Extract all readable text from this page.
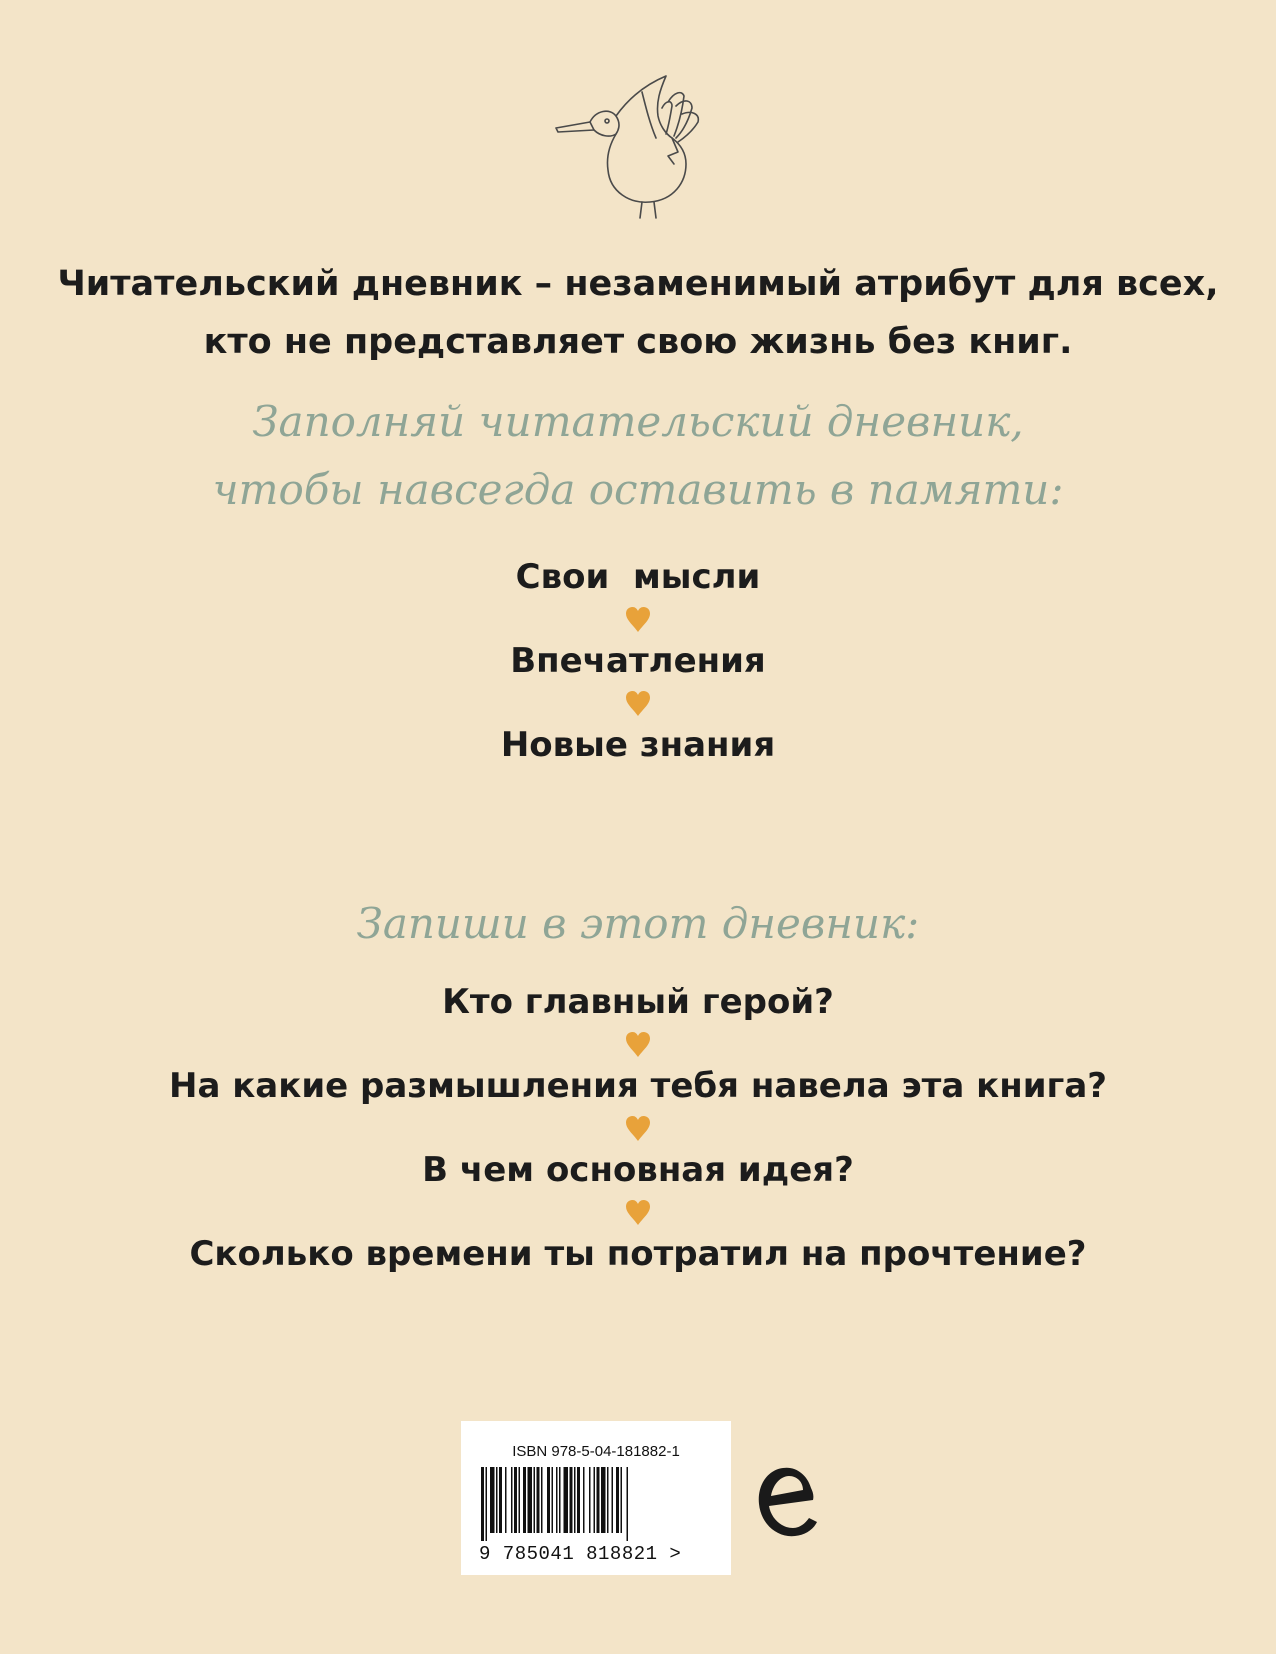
Читательский дневник – незаменимый атрибут для всех,
кто не представляет свою жизнь без книг.
Заполняй читательский дневник,
чтобы навсегда оставить в памяти:
Свои  мысли
Впечатления
Новые знания
Запиши в этот дневник:
Кто главный герой?
На какие размышления тебя навела эта книга?
В чем основная идея?
Сколько времени ты потратил на прочтение?
ISBN 978-5-04-181882-1
9 785041 818821 >
